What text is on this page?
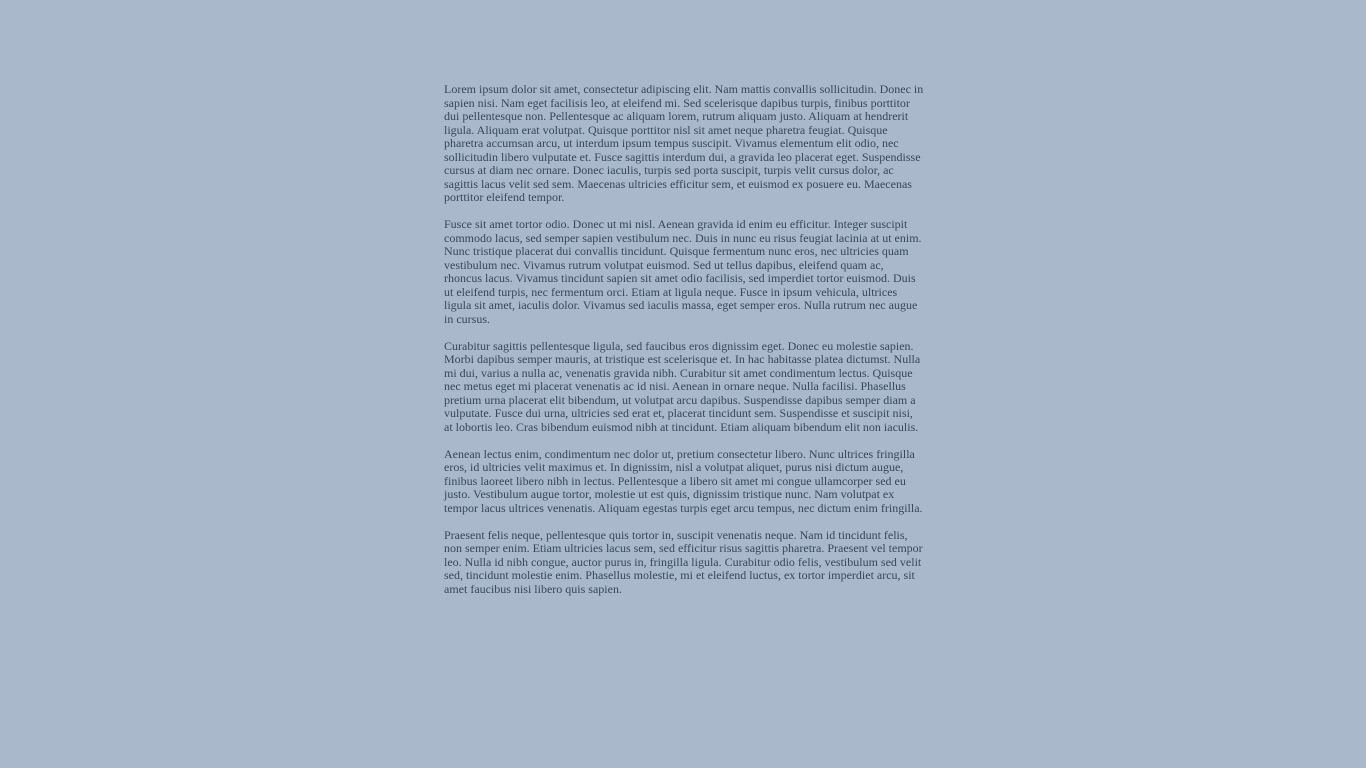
Lorem ipsum dolor sit amet, consectetur adipiscing elit. Nam mattis convallis sollicitudin. Donec in sapien nisi. Nam eget facilisis leo, at eleifend mi. Sed scelerisque dapibus turpis, finibus porttitor dui pellentesque non. Pellentesque ac aliquam lorem, rutrum aliquam justo. Aliquam at hendrerit ligula. Aliquam erat volutpat. Quisque porttitor nisl sit amet neque pharetra feugiat. Quisque pharetra accumsan arcu, ut interdum ipsum tempus suscipit. Vivamus elementum elit odio, nec sollicitudin libero vulputate et. Fusce sagittis interdum dui, a gravida leo placerat eget. Suspendisse cursus at diam nec ornare. Donec iaculis, turpis sed porta suscipit, turpis velit cursus dolor, ac sagittis lacus velit sed sem. Maecenas ultricies efficitur sem, et euismod ex posuere eu. Maecenas porttitor eleifend tempor.

Fusce sit amet tortor odio. Donec ut mi nisl. Aenean gravida id enim eu efficitur. Integer suscipit commodo lacus, sed semper sapien vestibulum nec. Duis in nunc eu risus feugiat lacinia at ut enim. Nunc tristique placerat dui convallis tincidunt. Quisque fermentum nunc eros, nec ultricies quam vestibulum nec. Vivamus rutrum volutpat euismod. Sed ut tellus dapibus, eleifend quam ac, rhoncus lacus. Vivamus tincidunt sapien sit amet odio facilisis, sed imperdiet tortor euismod. Duis ut eleifend turpis, nec fermentum orci. Etiam at ligula neque. Fusce in ipsum vehicula, ultrices ligula sit amet, iaculis dolor. Vivamus sed iaculis massa, eget semper eros. Nulla rutrum nec augue in cursus.

Curabitur sagittis pellentesque ligula, sed faucibus eros dignissim eget. Donec eu molestie sapien. Morbi dapibus semper mauris, at tristique est scelerisque et. In hac habitasse platea dictumst. Nulla mi dui, varius a nulla ac, venenatis gravida nibh. Curabitur sit amet condimentum lectus. Quisque nec metus eget mi placerat venenatis ac id nisi. Aenean in ornare neque. Nulla facilisi. Phasellus pretium urna placerat elit bibendum, ut volutpat arcu dapibus. Suspendisse dapibus semper diam a vulputate. Fusce dui urna, ultricies sed erat et, placerat tincidunt sem. Suspendisse et suscipit nisi, at lobortis leo. Cras bibendum euismod nibh at tincidunt. Etiam aliquam bibendum elit non iaculis.

Aenean lectus enim, condimentum nec dolor ut, pretium consectetur libero. Nunc ultrices fringilla eros, id ultricies velit maximus et. In dignissim, nisl a volutpat aliquet, purus nisi dictum augue, finibus laoreet libero nibh in lectus. Pellentesque a libero sit amet mi congue ullamcorper sed eu justo. Vestibulum augue tortor, molestie ut est quis, dignissim tristique nunc. Nam volutpat ex tempor lacus ultrices venenatis. Aliquam egestas turpis eget arcu tempus, nec dictum enim fringilla.

Praesent felis neque, pellentesque quis tortor in, suscipit venenatis neque. Nam id tincidunt felis, non semper enim. Etiam ultricies lacus sem, sed efficitur risus sagittis pharetra. Praesent vel tempor leo. Nulla id nibh congue, auctor purus in, fringilla ligula. Curabitur odio felis, vestibulum sed velit sed, tincidunt molestie enim. Phasellus molestie, mi et eleifend luctus, ex tortor imperdiet arcu, sit amet faucibus nisi libero quis sapien.
